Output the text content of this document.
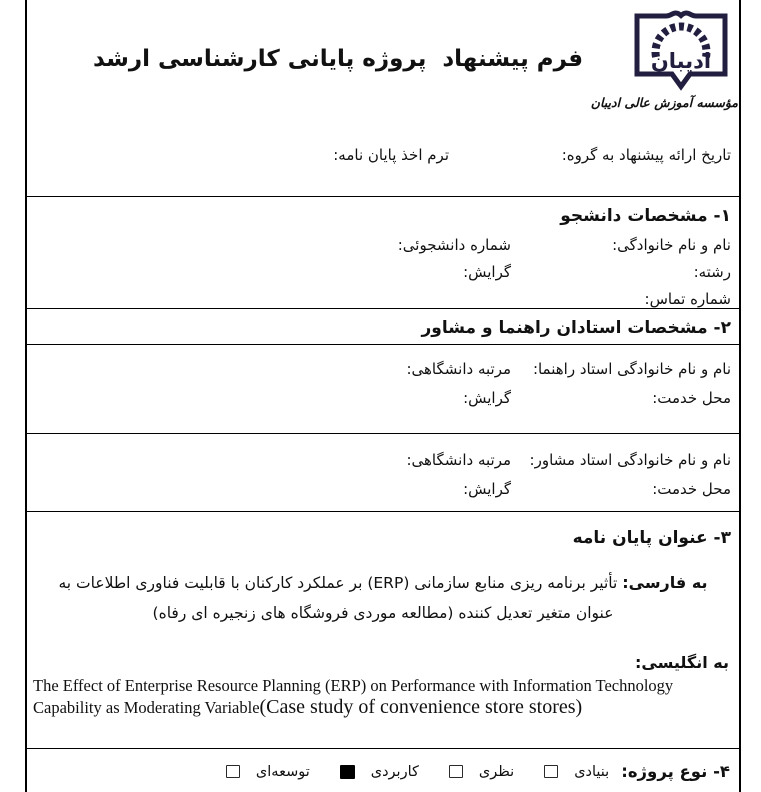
فرم پیشنهاد  پروژه پایانی کارشناسی ارشد	ادیبان
مؤسسه آموزش عالی ادیبان
تاریخ ارائه پیشنهاد به گروه:
ترم اخذ پایان نامه:
۱- مشخصات دانشجو
نام و نام خانوادگی:
شماره دانشجوئی:
رشته:
گرایش:
شماره تماس:
۲- مشخصات استادان راهنما و مشاور
نام و نام خانوادگی استاد راهنما:
مرتبه دانشگاهی:
محل خدمت:
گرایش:
نام و نام خانوادگی استاد مشاور:
مرتبه دانشگاهی:
محل خدمت:
گرایش:
۳- عنوان پایان نامه
به فارسی: تأثیر برنامه ریزی منابع سازمانی (ERP) بر عملکرد کارکنان با قابلیت فناوری اطلاعات به عنوان متغیر تعدیل کننده (مطالعه موردی فروشگاه های زنجیره ای رفاه)
به انگلیسی:
The Effect of Enterprise Resource Planning (ERP) on Performance with Information Technology Capability as Moderating Variable(Case study of convenience store stores)
۴- نوع پروژه:
بنیادی
نظری
کاربردی
توسعه‌ای
